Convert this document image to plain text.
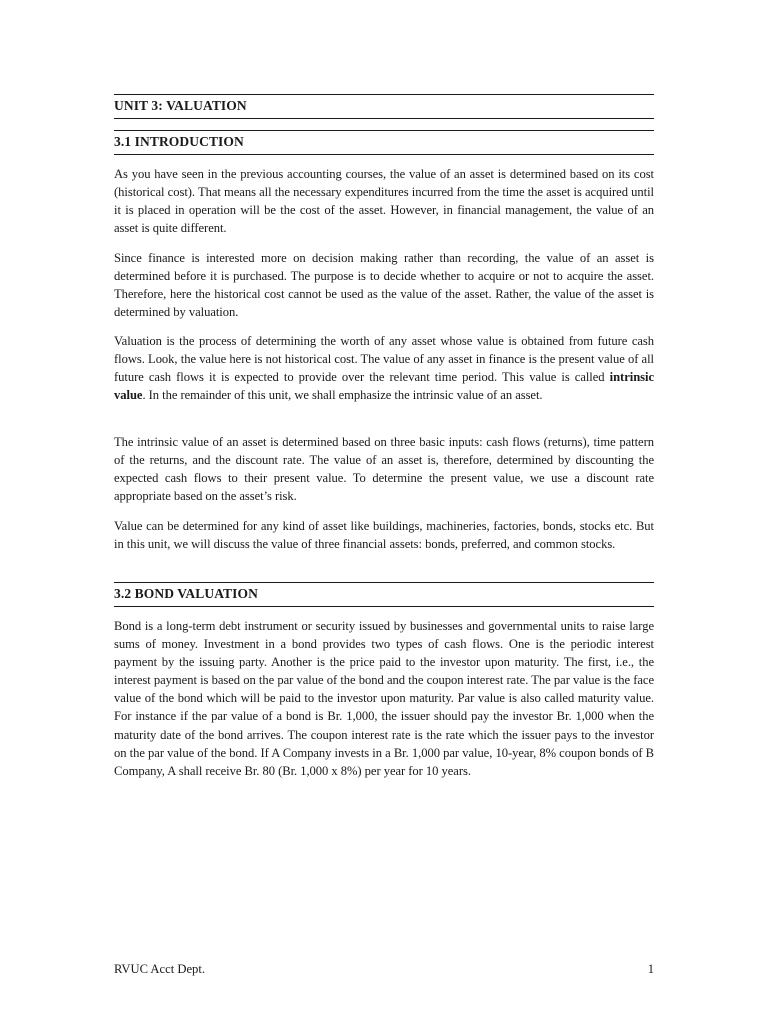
UNIT 3: VALUATION
3.1 INTRODUCTION

As you have seen in the previous accounting courses, the value of an asset is determined based on its cost (historical cost). That means all the necessary expenditures incurred from the time the asset is acquired until it is placed in operation will be the cost of the asset. However, in financial management, the value of an asset is quite different.

Since finance is interested more on decision making rather than recording, the value of an asset is determined before it is purchased. The purpose is to decide whether to acquire or not to acquire the asset. Therefore, here the historical cost cannot be used as the value of the asset. Rather, the value of the asset is determined by valuation.

Valuation is the process of determining the worth of any asset whose value is obtained from future cash flows. Look, the value here is not historical cost. The value of any asset in finance is the present value of all future cash flows it is expected to provide over the relevant time period. This value is called intrinsic value. In the remainder of this unit, we shall emphasize the intrinsic value of an asset.

The intrinsic value of an asset is determined based on three basic inputs: cash flows (returns), time pattern of the returns, and the discount rate. The value of an asset is, therefore, determined by discounting the expected cash flows to their present value. To determine the present value, we use a discount rate appropriate based on the asset’s risk.

Value can be determined for any kind of asset like buildings, machineries, factories, bonds, stocks etc. But in this unit, we will discuss the value of three financial assets: bonds, preferred, and common stocks.

3.2 BOND VALUATION

Bond is a long-term debt instrument or security issued by businesses and governmental units to raise large sums of money. Investment in a bond provides two types of cash flows. One is the periodic interest payment by the issuing party. Another is the price paid to the investor upon maturity. The first, i.e., the interest payment is based on the par value of the bond and the coupon interest rate. The par value is the face value of the bond which will be paid to the investor upon maturity. Par value is also called maturity value. For instance if the par value of a bond is Br. 1,000, the issuer should pay the investor Br. 1,000 when the maturity date of the bond arrives. The coupon interest rate is the rate which the issuer pays to the investor on the par value of the bond. If A Company invests in a Br. 1,000 par value, 10-year, 8% coupon bonds of B Company, A shall receive Br. 80 (Br. 1,000 x 8%) per year for 10 years.

RVUC Acct Dept.	1
